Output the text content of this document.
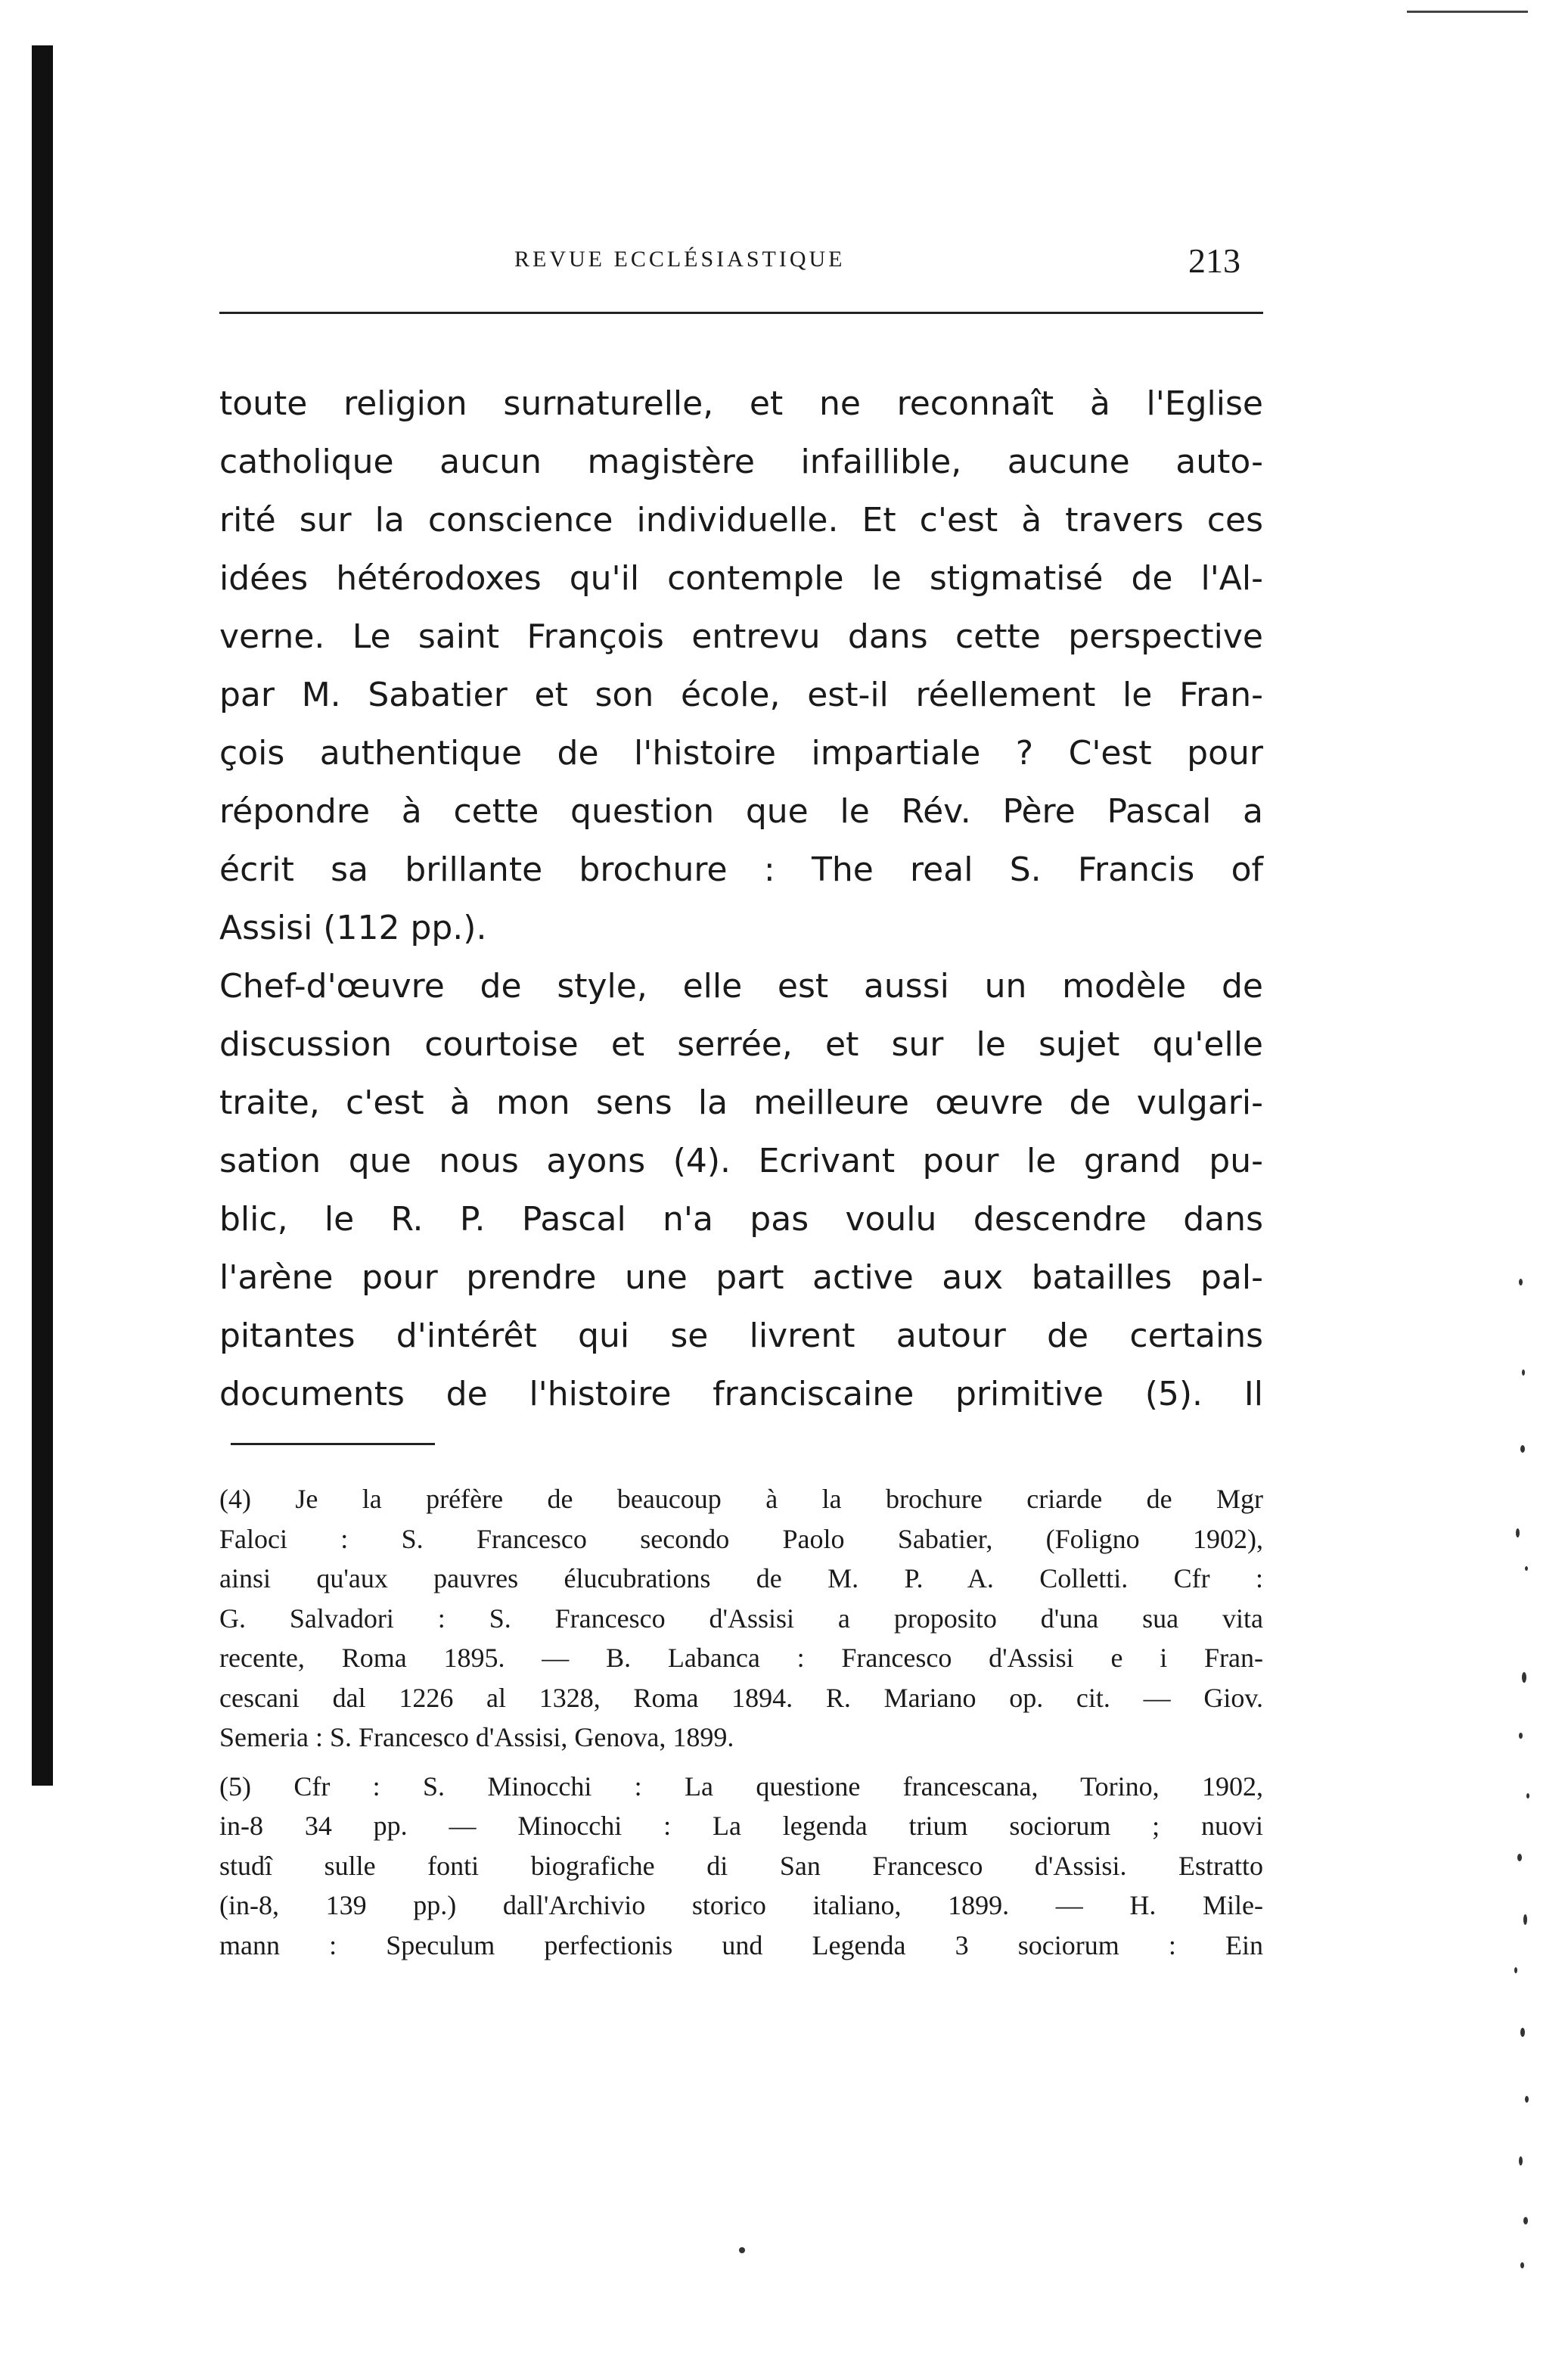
REVUE ECCLÉSIASTIQUE	213
toute religion surnaturelle, et ne reconnaît à l'Eglise
catholique aucun magistère infaillible, aucune auto-
rité sur la conscience individuelle. Et c'est à travers ces
idées hétérodoxes qu'il contemple le stigmatisé de l'Al-
verne. Le saint François entrevu dans cette perspective
par M. Sabatier et son école, est-il réellement le Fran-
çois authentique de l'histoire impartiale ? C'est pour
répondre à cette question que le Rév. Père Pascal a
écrit sa brillante brochure : The real S. Francis of
Assisi (112 pp.).
Chef-d'œuvre de style, elle est aussi un modèle de
discussion courtoise et serrée, et sur le sujet qu'elle
traite, c'est à mon sens la meilleure œuvre de vulgari-
sation que nous ayons (4). Ecrivant pour le grand pu-
blic, le R. P. Pascal n'a pas voulu descendre dans
l'arène pour prendre une part active aux batailles pal-
pitantes d'intérêt qui se livrent autour de certains
documents de l'histoire franciscaine primitive (5). Il
(4) Je la préfère de beaucoup à la brochure criarde de Mgr
Faloci : S. Francesco secondo Paolo Sabatier, (Foligno 1902),
ainsi qu'aux pauvres élucubrations de M. P. A. Colletti. Cfr :
G. Salvadori : S. Francesco d'Assisi a proposito d'una sua vita
recente, Roma 1895. — B. Labanca : Francesco d'Assisi e i Fran-
cescani dal 1226 al 1328, Roma 1894. R. Mariano op. cit. — Giov.
Semeria : S. Francesco d'Assisi, Genova, 1899.
(5) Cfr : S. Minocchi : La questione francescana, Torino, 1902,
in-8 34 pp. — Minocchi : La legenda trium sociorum ; nuovi
studî sulle fonti biografiche di San Francesco d'Assisi. Estratto
(in-8, 139 pp.) dall'Archivio storico italiano, 1899. — H. Mile-
mann : Speculum perfectionis und Legenda 3 sociorum : Ein
